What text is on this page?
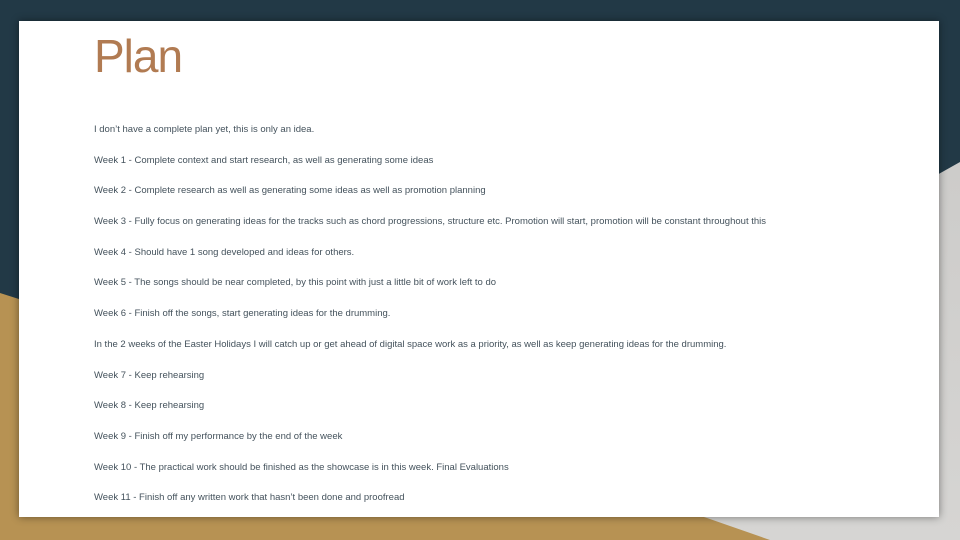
Plan

I don’t have a complete plan yet, this is only an idea.

Week 1 - Complete context and start research, as well as generating some ideas

Week 2 - Complete research as well as generating some ideas as well as promotion planning

Week 3 - Fully focus on generating ideas for the tracks such as chord progressions, structure etc. Promotion will start, promotion will be constant throughout this

Week 4 - Should have 1 song developed and ideas for others.

Week 5 - The songs should be near completed, by this point with just a little bit of work left to do

Week 6 - Finish off the songs, start generating ideas for the drumming.

In the 2 weeks of the Easter Holidays I will catch up or get ahead of digital space work as a priority, as well as keep generating ideas for the drumming.

Week 7 - Keep rehearsing

Week 8 - Keep rehearsing

Week 9 - Finish off my performance by the end of the week

Week 10 - The practical work should be finished as the showcase is in this week. Final Evaluations

Week 11 - Finish off any written work that hasn’t been done and proofread
